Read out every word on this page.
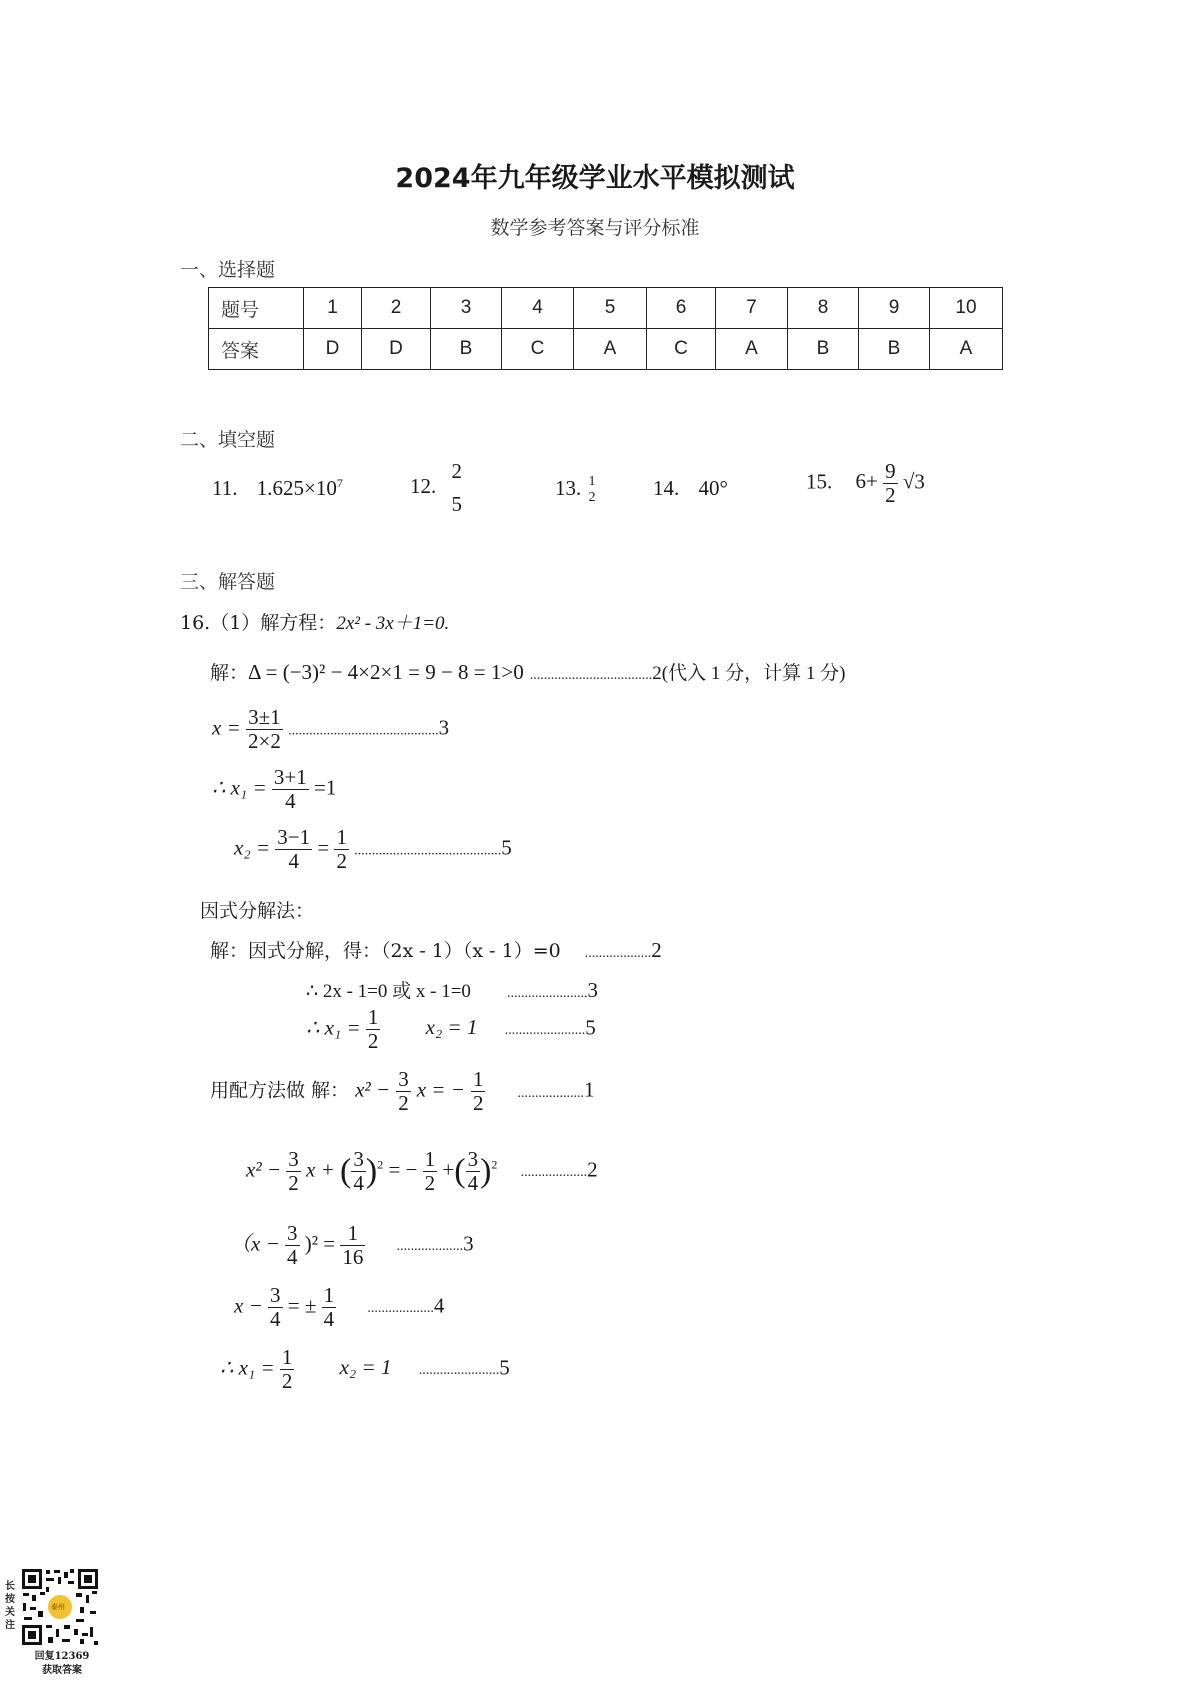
2024年九年级学业水平模拟测试
数学参考答案与评分标准
一、选择题
题号	1	2	3	4	5	6	7	8	9	10
答案	D	D	B	C	A	C	A	B	B	A
二、填空题
11. $1.625\times 10^7$	12.
2
5
13. 1
2	14. 40°	15. $6+ \frac{9}{2} √3$
三、解答题
16.（1）解方程：2x² - 3x＋1=0.
解：Δ = (−3)² − 4×2×1 = 9 − 8 = 1>0 ...................................2(代入 1 分，计算 1 分)
$x = \frac{3\pm 1}{2\times 2} ...........................................3$
∴ $x_1 = \frac{3+1}{4} =1$
$x_2 = \frac{3-1}{4} = \frac{1}{2} ..........................................5$
因式分解法：
解：因式分解，得：（2x - 1）（x - 1）=0 ...................2
∴ 2x - 1=0 或 x - 1=0	.......................3
∴ $x_1 = \frac{1}{2} x_2 = 1$ .......................5
用配方法做 解： $x^2 - \frac{3}{2}$ x = − $\frac{1}{2} ...................1$
$x^2 - \frac{3}{2}$ x + ( $\frac{3}{4} )^2$ = − $\frac{1}{2}$ +( $\frac{3}{4} )^2$ ...................2
$(x - \frac{3}{4} )^2 = \frac{1}{16} ...................3$
$x - \frac{3}{4}$ = ± $\frac{1}{4} ...................4$
∴ $x_1 = \frac{1}{2} x_2 = 1$ .......................5
长按关注
泰州
回复12369
获取答案
